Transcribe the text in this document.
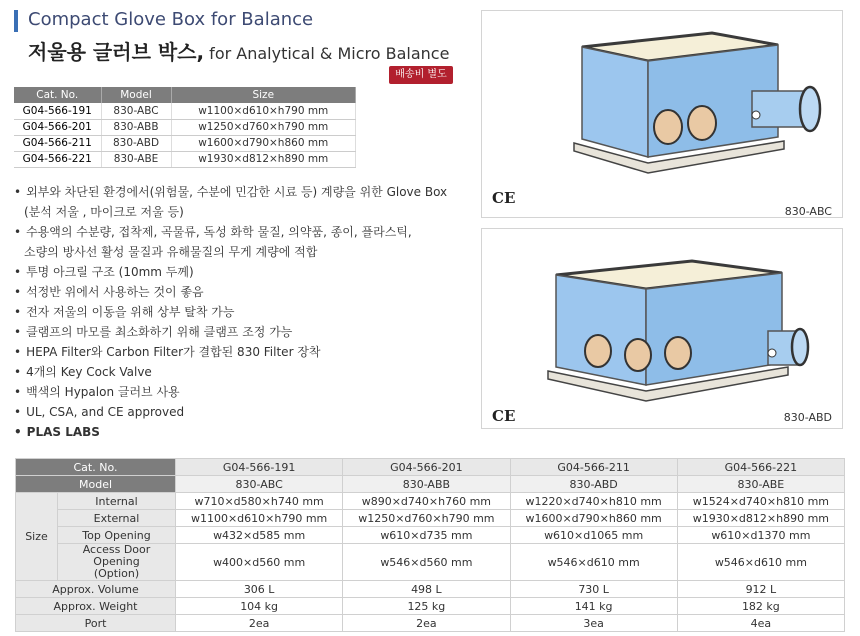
Compact Glove Box for Balance
저울용 글러브 박스, for Analytical & Micro Balance
배송비 별도
Cat. No.	Model	Size
G04-566-191	830-ABC	w1100×d610×h790 mm
G04-566-201	830-ABB	w1250×d760×h790 mm
G04-566-211	830-ABD	w1600×d790×h860 mm
G04-566-221	830-ABE	w1930×d812×h890 mm
• 외부와 차단된 환경에서(위험물, 수분에 민감한 시료 등) 계량을 위한 Glove Box
(분석 저울 , 마이크로 저울 등)
• 수용액의 수분량, 접착제, 곡물류, 독성 화학 물질, 의약품, 종이, 플라스틱,
소량의 방사선 활성 물질과 유해물질의 무게 계량에 적합
• 투명 아크릴 구조 (10mm 두께)
• 석정반 위에서 사용하는 것이 좋음
• 전자 저울의 이동을 위해 상부 탈착 가능
• 클램프의 마모를 최소화하기 위해 클램프 조정 가능
• HEPA Filter와 Carbon Filter가 결합된 830 Filter 장착
• 4개의 Key Cock Valve
• 백색의 Hypalon 글러브 사용
• UL, CSA, and CE approved
• PLAS LABS
CE
830-ABC
CE	830-ABD
Cat. No.		G04-566-191	G04-566-201	G04-566-211	G04-566-221
Model		830-ABC	830-ABB	830-ABD	830-ABE
Size	Internal	w710×d580×h740 mm	w890×d740×h760 mm	w1220×d740×h810 mm	w1524×d740×h810 mm
	External	w1100×d610×h790 mm	w1250×d760×h790 mm	w1600×d790×h860 mm	w1930×d812×h890 mm
	Top Opening	w432×d585 mm	w610×d735 mm	w610×d1065 mm	w610×d1370 mm
	Access Door Opening
(Option)	w400×d560 mm	w546×d560 mm	w546×d610 mm	w546×d610 mm
Approx. Volume		306 L	498 L	730 L	912 L
Approx. Weight		104 kg	125 kg	141 kg	182 kg
Port		2ea	2ea	3ea	4ea
